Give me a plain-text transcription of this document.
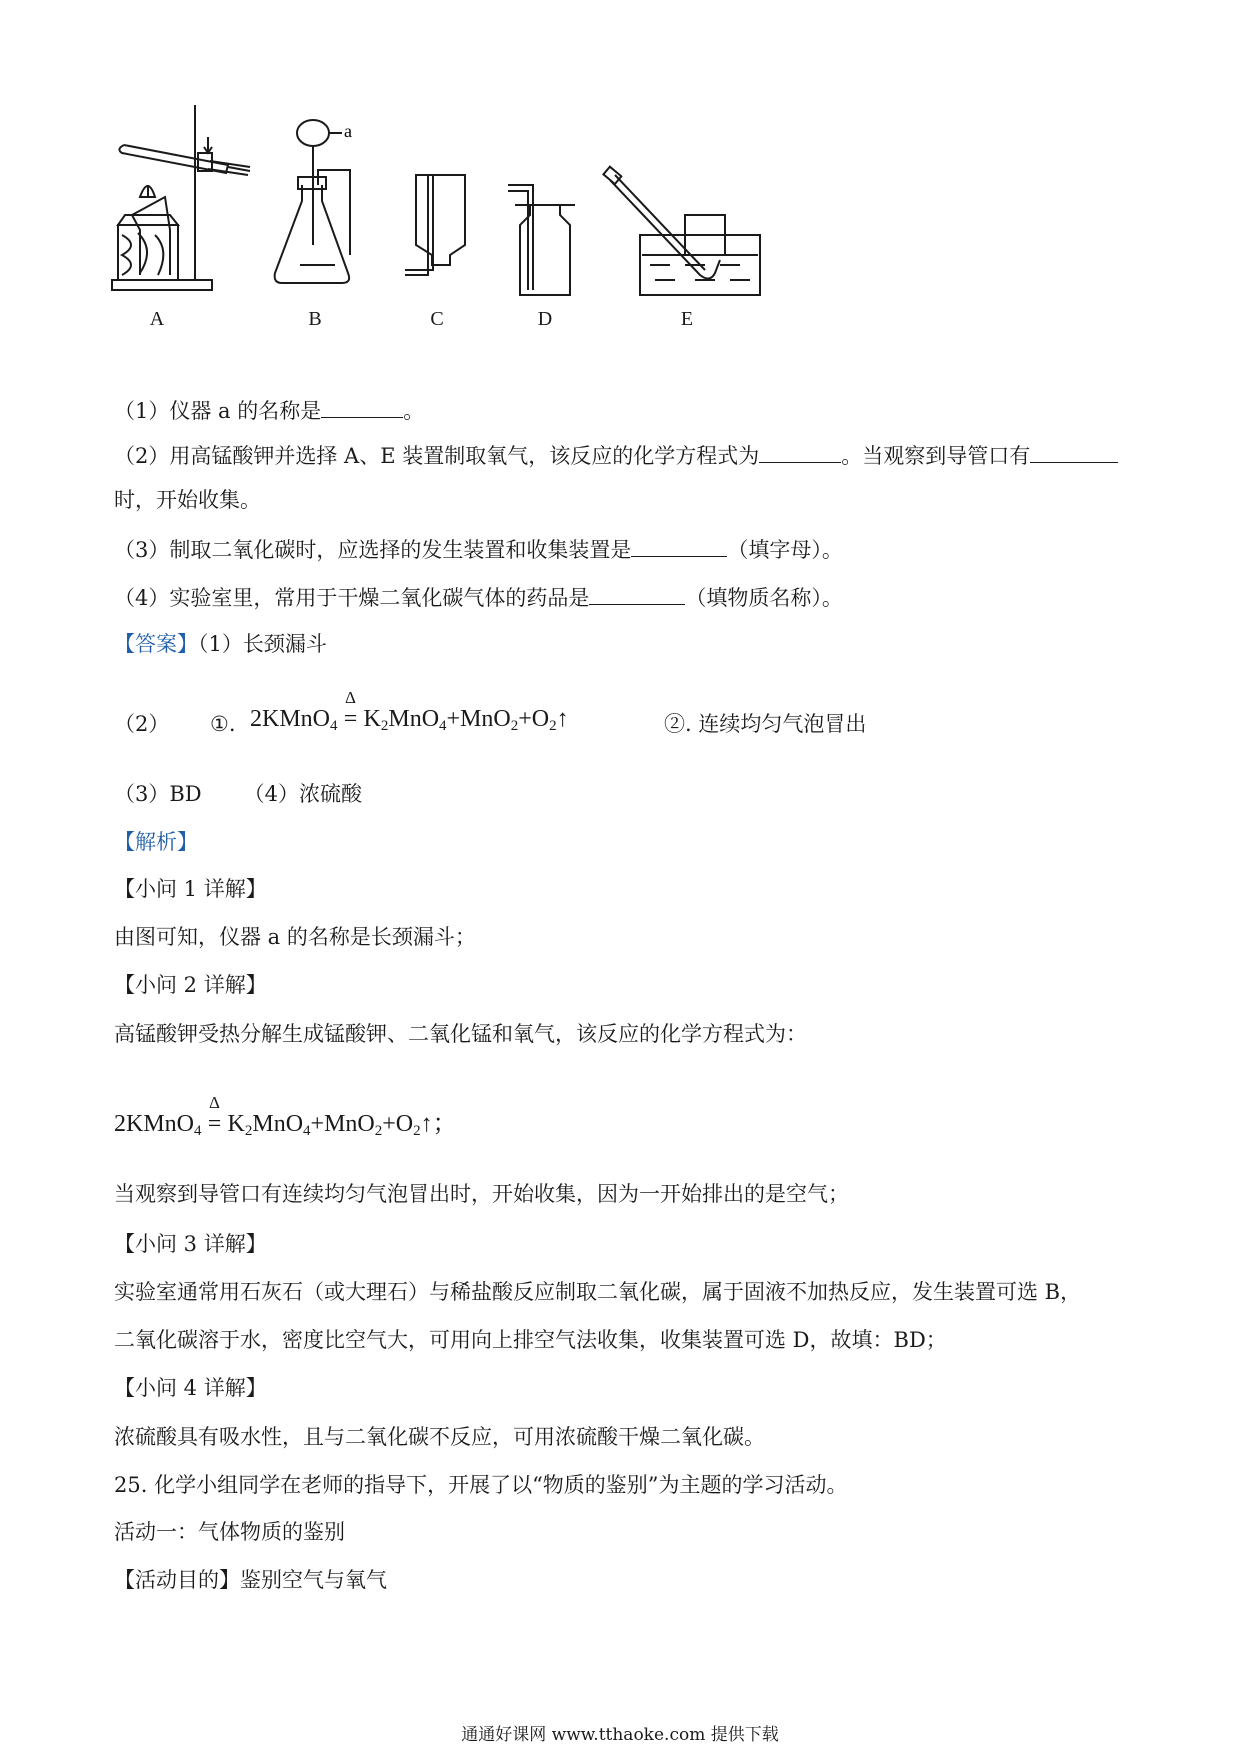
a
A	B	C	D	E
（1）仪器 a 的名称是	。
（2）用高锰酸钾并选择 A、E 装置制取氧气，该反应的化学方程式为	。当观察到导管口有
时，开始收集。
（3）制取二氧化碳时，应选择的发生装置和收集装置是	（填字母）。
（4）实验室里，常用于干燥二氧化碳气体的药品是	（填物质名称）。
【答案】（1）长颈漏斗
（2） ①. 2KMnO$_4$
Δ
= $K_2MnO_4+MnO_2+O_2↑$	②. 连续均匀气泡冒出
（3）BD （4）浓硫酸
【解析】
【小问 1 详解】
由图可知，仪器 a 的名称是长颈漏斗；
【小问 2 详解】
高锰酸钾受热分解生成锰酸钾、二氧化锰和氧气，该反应的化学方程式为：
2KMnO$_4$
Δ
= $K_2MnO_4+MnO_2+O_2↑$；
当观察到导管口有连续均匀气泡冒出时，开始收集，因为一开始排出的是空气；
【小问 3 详解】
实验室通常用石灰石（或大理石）与稀盐酸反应制取二氧化碳，属于固液不加热反应，发生装置可选 B，
二氧化碳溶于水，密度比空气大，可用向上排空气法收集，收集装置可选 D，故填：BD；
【小问 4 详解】
浓硫酸具有吸水性，且与二氧化碳不反应，可用浓硫酸干燥二氧化碳。
25. 化学小组同学在老师的指导下，开展了以“物质的鉴别”为主题的学习活动。
活动一：气体物质的鉴别
【活动目的】鉴别空气与氧气
通通好课网 www.tthaoke.com 提供下载
